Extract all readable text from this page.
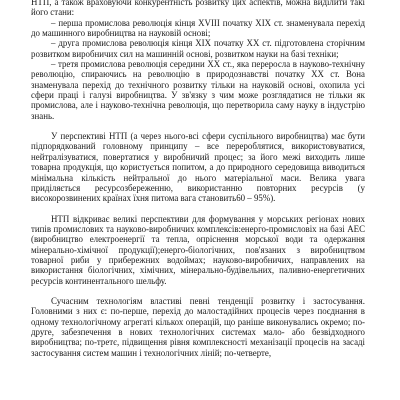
НТП, а також враховуючи конкурентність розвитку цих аспектів, можна виділити такі його стани:

– перша промислова революція кінця XVIII початку XIX ст. знаменувала перехід до машинного виробництва на науковій основі;

– друга промислова революція кінця XIX початку XX ст. підготовлена сторічним розвитком виробничих сил на машинній основі, розвитком науки на базі техніки;

– третя промислова революція середини XX ст., яка переросла в науково-технічну революцію, спираючись на революцію в природознавстві початку XX ст. Вона знаменувала перехід до технічного розвитку тільки на науковій основі, охопила усі сфери праці і галузі виробництва. У зв'язку з чим може розглядатися не тільки як промислова, але і науково-технічна революція, що перетворила саму науку в індустрію знань.

У перспективі НТП (а через нього-всі сфери суспільного виробництва) має бути підпорядкований головному принципу – все перероблятися, використовуватися, нейтралізуватися, повертатися у виробничий процес; за його межі виходить лише товарна продукція, що користується попитом, а до природного середовища виводиться мінімальна кількість нейтральної до нього матеріальної маси. Велика увага приділяється ресурсозбереженню, використанню повторних ресурсів (у високорозвинених країнах їхня питома вага становить60 – 95%).

НТП відкриває великі перспективи для формування у морських регіонах нових типів промислових та науково-виробничих комплексів:енерго-промисловіх на базі АЕС (виробництво електроенергії та тепла, опріснення морської води та одержання мінерально-хімічної продукції);енерго-біологічних, пов'язаних з виробництвом товарної риби у прибережних водоймах; науково-виробничих, направлених на використання біологічних, хімічних, мінерально-будівельних, паливно-енергетичних ресурсів континентального шельфу.

Сучасним технологіям властиві певні тенденції розвитку і застосування. Головними з них є: по-перше, перехід до малостадійних процесів через поєднання в одному технологічному агрегаті кількох операцій, що раніше виконувались окремо; по-друге, забезпечення в нових технологічних системах мало- або безвідходного виробництва; по-третє, підвищення рівня комплексності механізації процесів на засаді застосування систем машин і технологічних ліній; по-четверте,
